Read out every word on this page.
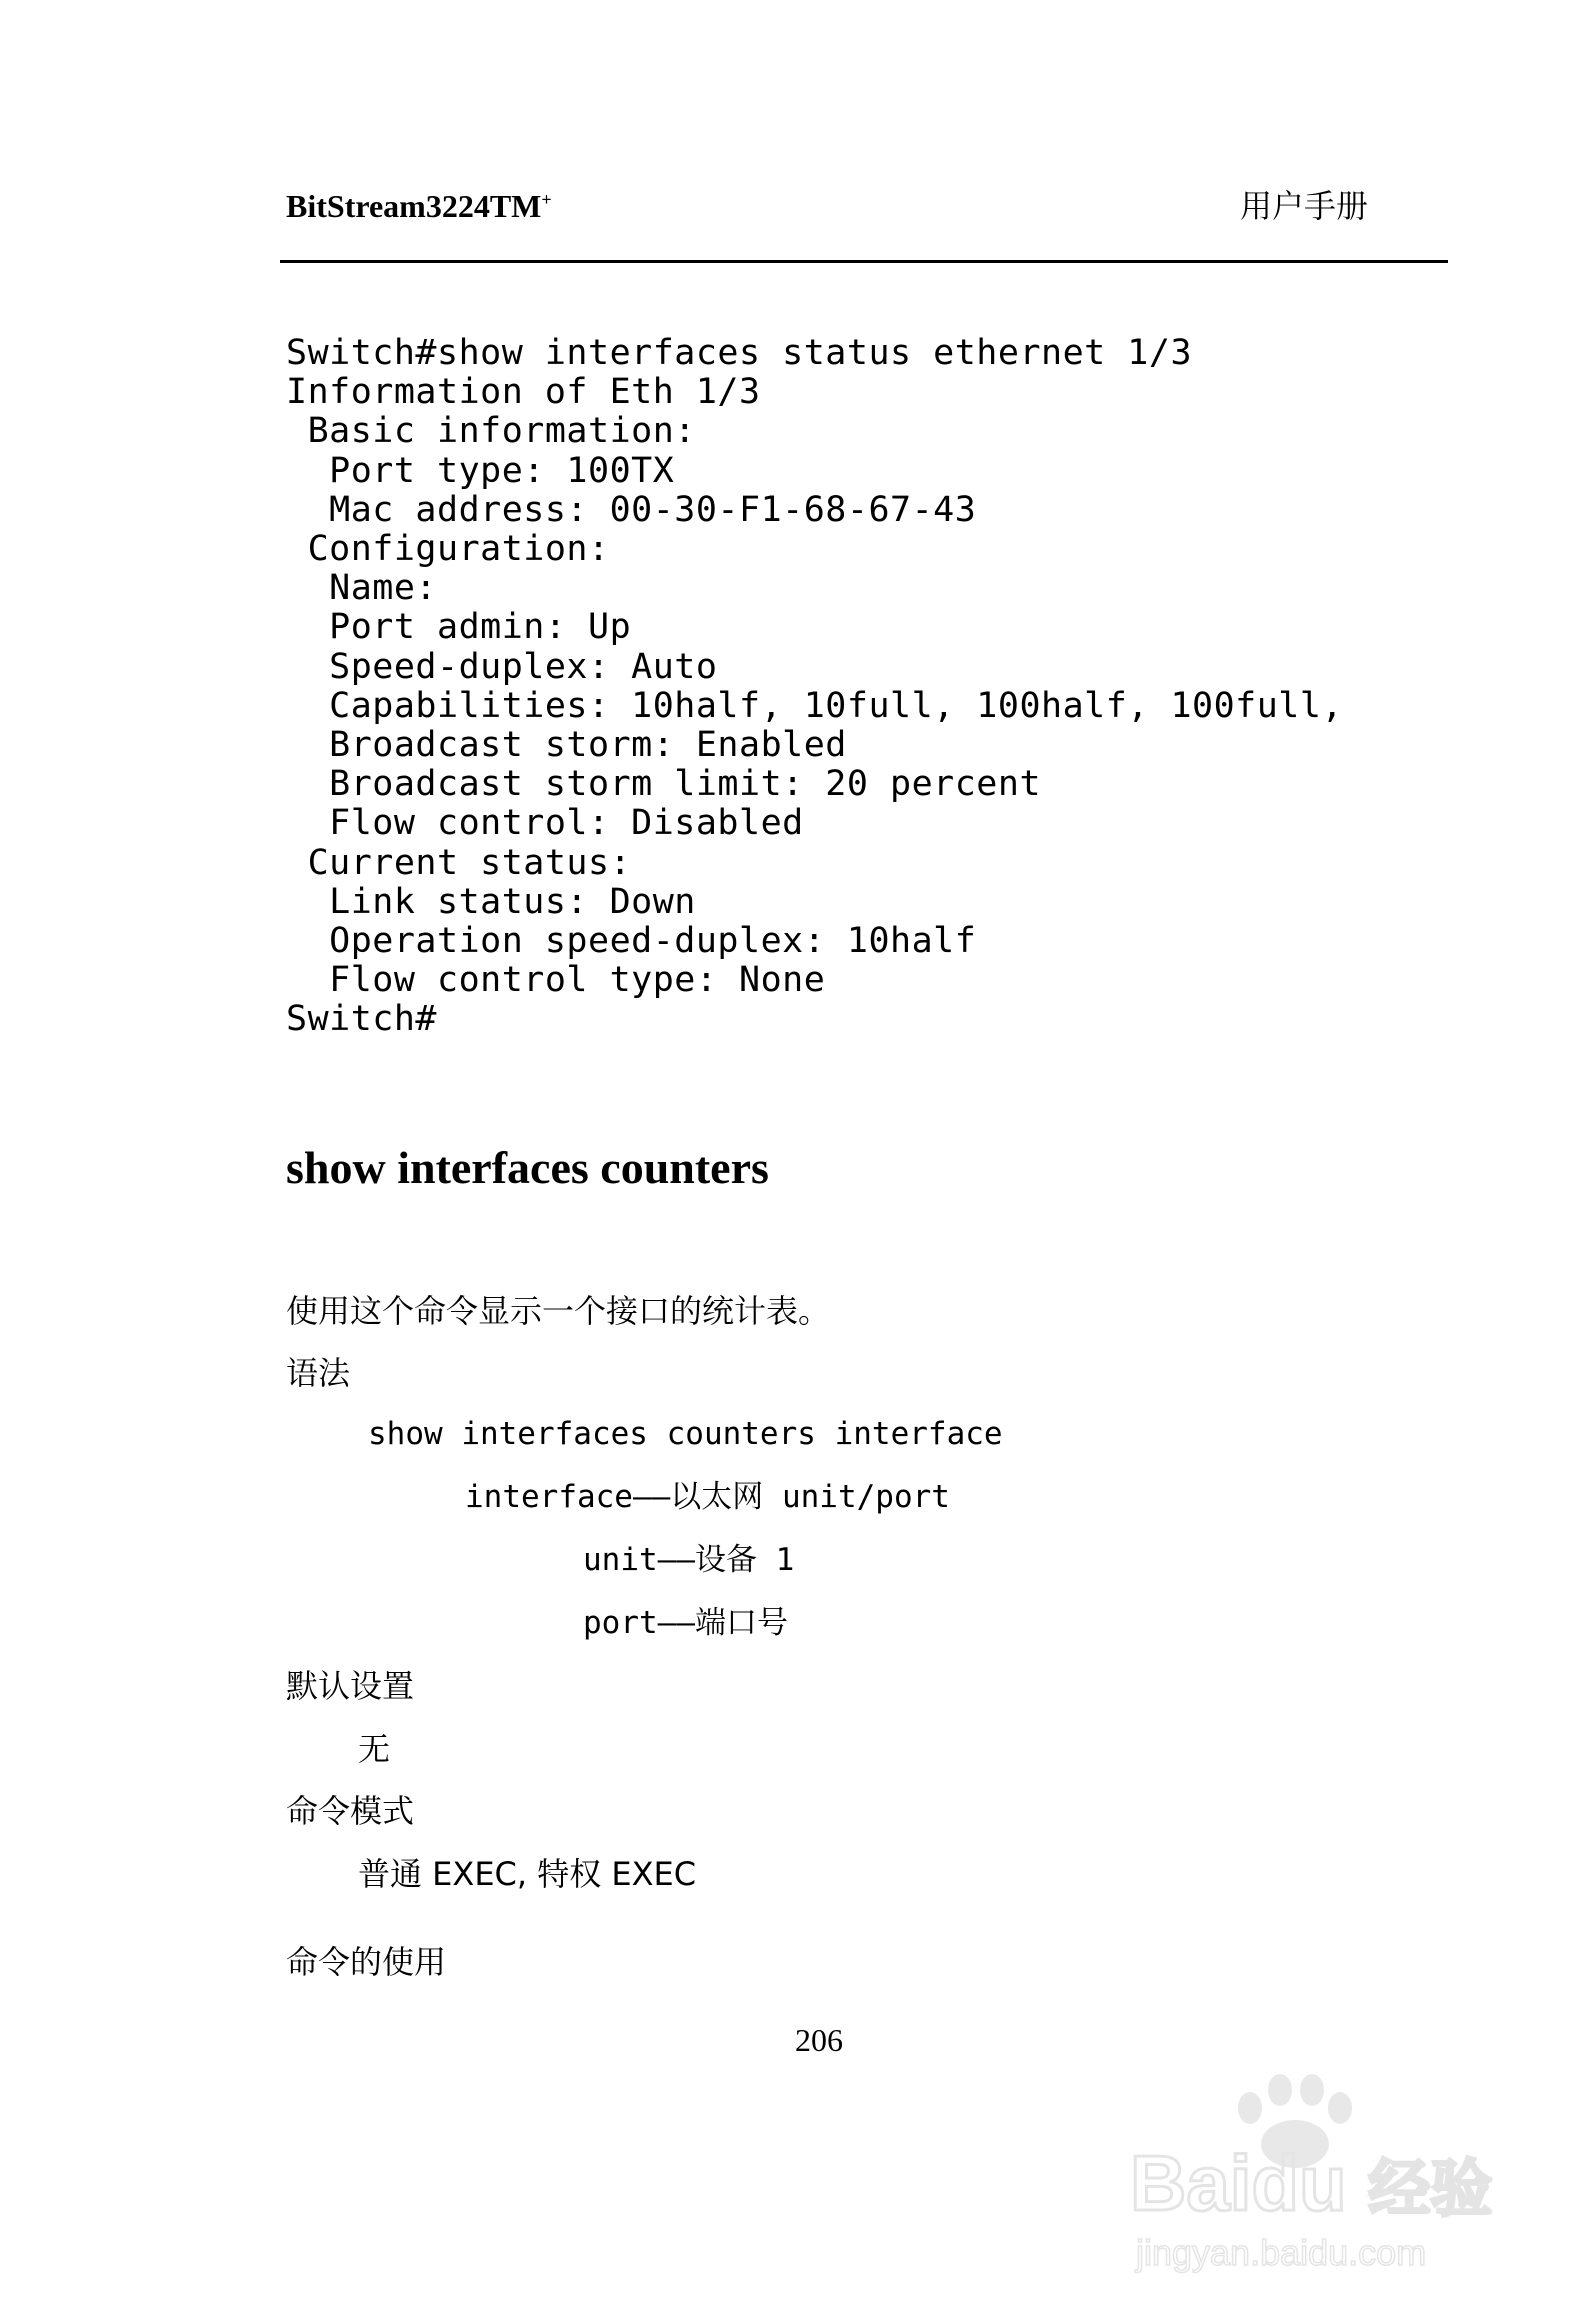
BitStream3224TM+	用户手册
Switch#show interfaces status ethernet 1/3
Information of Eth 1/3
Basic information:
Port type: 100TX
Mac address: 00-30-F1-68-67-43
Configuration:
Name:
Port admin: Up
Speed-duplex: Auto
Capabilities: 10half, 10full, 100half, 100full,
Broadcast storm: Enabled
Broadcast storm limit: 20 percent
Flow control: Disabled
Current status:
Link status: Down
Operation speed-duplex: 10half
Flow control type: None
Switch#
show interfaces counters
使用这个命令显示一个接口的统计表。
语法
show interfaces counters interface
interface——以太网 unit/port
unit——设备 1
port——端口号
默认设置
无
命令模式
普通 EXEC, 特权 EXEC
命令的使用
206
Baidu 经验
jingyan.baidu.com
